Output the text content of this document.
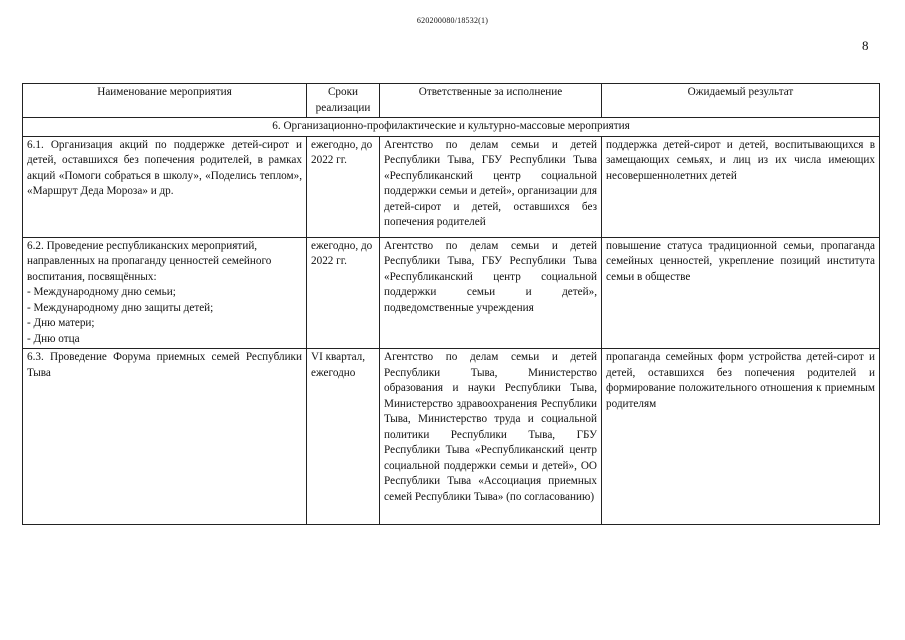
620200080/18532(1)
8
Наименование мероприятия	Сроки реализации	Ответственные за исполнение	Ожидаемый результат
6. Организационно-профилактические и культурно-массовые мероприятия			
6.1. Организация акций по поддержке детей-сирот и детей, оставшихся без попечения родителей, в рамках акций «Помоги собраться в школу», «Поделись теплом», «Маршрут Деда Мороза» и др.	ежегодно, до 2022 гг.	Агентство по делам семьи и детей Республики Тыва, ГБУ Республики Тыва «Республиканский центр социальной поддержки семьи и детей», организации для детей-сирот и детей, оставшихся без попечения родителей	поддержка детей-сирот и детей, воспитывающихся в замещающих семьях, и лиц из их числа имеющих несовершеннолетних детей

6.2. Проведение республиканских мероприятий, направленных на пропаганду ценностей семейного воспитания, посвящённых:
- Международному дню семьи;
- Международному дню защиты детей;
- Дню матери;
- Дню отца	ежегодно, до 2022 гг.	Агентство по делам семьи и детей Республики Тыва, ГБУ Республики Тыва «Республиканский центр социальной поддержки семьи и детей», подведомственные учреждения	повышение статуса традиционной семьи, пропаганда семейных ценностей, укрепление позиций института семьи в обществе
6.3. Проведение Форума приемных семей Республики Тыва	VI квартал, ежегодно	Агентство по делам семьи и детей Республики Тыва, Министерство образования и науки Республики Тыва, Министерство здравоохранения Республики Тыва, Министерство труда и социальной политики Республики Тыва, ГБУ Республики Тыва «Республиканский центр социальной поддержки семьи и детей», ОО Республики Тыва «Ассоциация приемных семей Республики Тыва» (по согласованию)	пропаганда семейных форм устройства детей-сирот и детей, оставшихся без попечения родителей и формирование положительного отношения к приемным родителям
